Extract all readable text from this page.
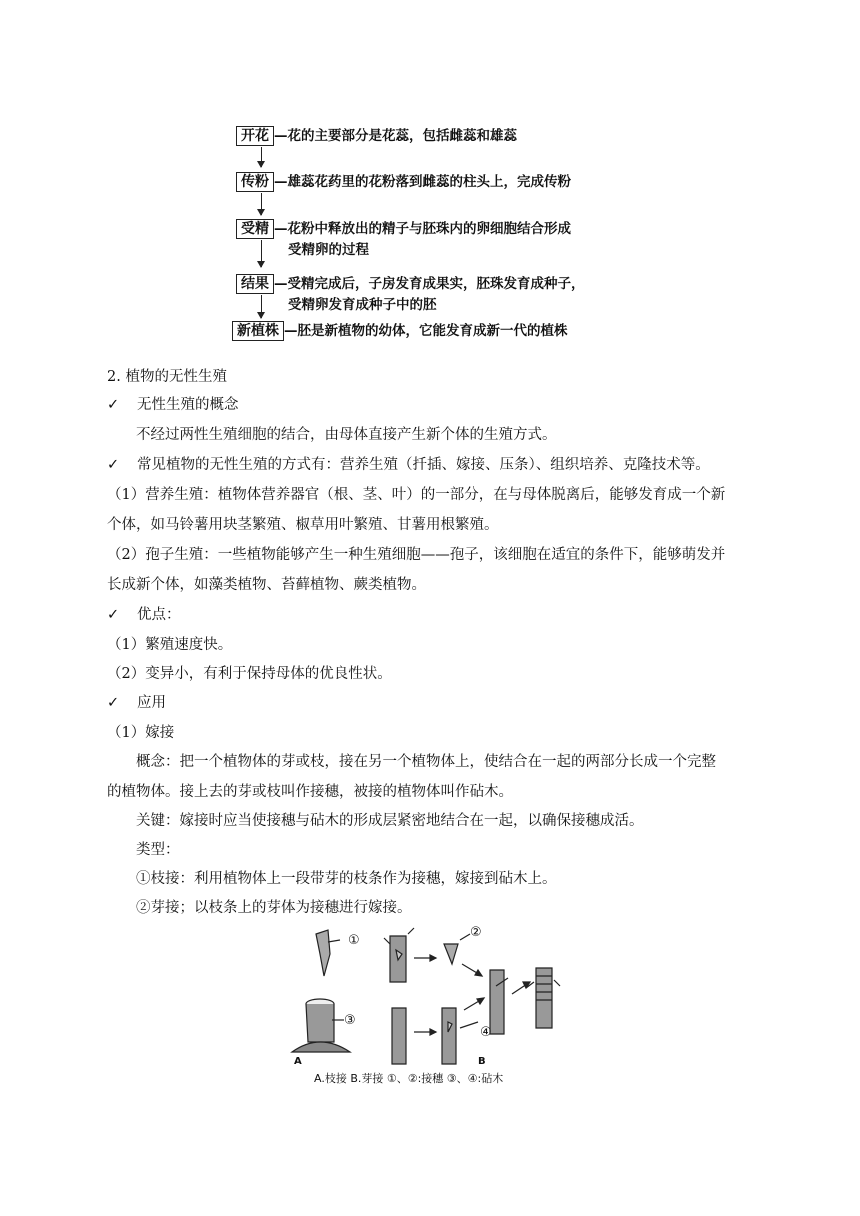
开花 —花的主要部分是花蕊，包括雌蕊和雄蕊
传粉 —雄蕊花药里的花粉落到雌蕊的柱头上，完成传粉
受精 —花粉中释放出的精子与胚珠内的卵细胞结合形成
受精卵的过程
结果 —受精完成后，子房发育成果实，胚珠发育成种子，
受精卵发育成种子中的胚
新植株 —胚是新植物的幼体，它能发育成新一代的植株
2. 植物的无性生殖
✓ 无性生殖的概念
不经过两性生殖细胞的结合，由母体直接产生新个体的生殖方式。
✓ 常见植物的无性生殖的方式有：营养生殖（扦插、嫁接、压条）、组织培养、克隆技术等。
（1）营养生殖：植物体营养器官（根、茎、叶）的一部分，在与母体脱离后，能够发育成一个新
个体，如马铃薯用块茎繁殖、椒草用叶繁殖、甘薯用根繁殖。
（2）孢子生殖：一些植物能够产生一种生殖细胞——孢子，该细胞在适宜的条件下，能够萌发并
长成新个体，如藻类植物、苔藓植物、蕨类植物。
✓ 优点：
（1）繁殖速度快。
（2）变异小，有利于保持母体的优良性状。
✓ 应用
（1）嫁接
概念：把一个植物体的芽或枝，接在另一个植物体上，使结合在一起的两部分长成一个完整
的植物体。接上去的芽或枝叫作接穗，被接的植物体叫作砧木。
关键：嫁接时应当使接穗与砧木的形成层紧密地结合在一起，以确保接穗成活。
类型：
①枝接：利用植物体上一段带芽的枝条作为接穗，嫁接到砧木上。
②芽接；以枝条上的芽体为接穗进行嫁接。
①
②
③
④
A	B
A.枝接 B.芽接 ①、②:接穗 ③、④:砧木
